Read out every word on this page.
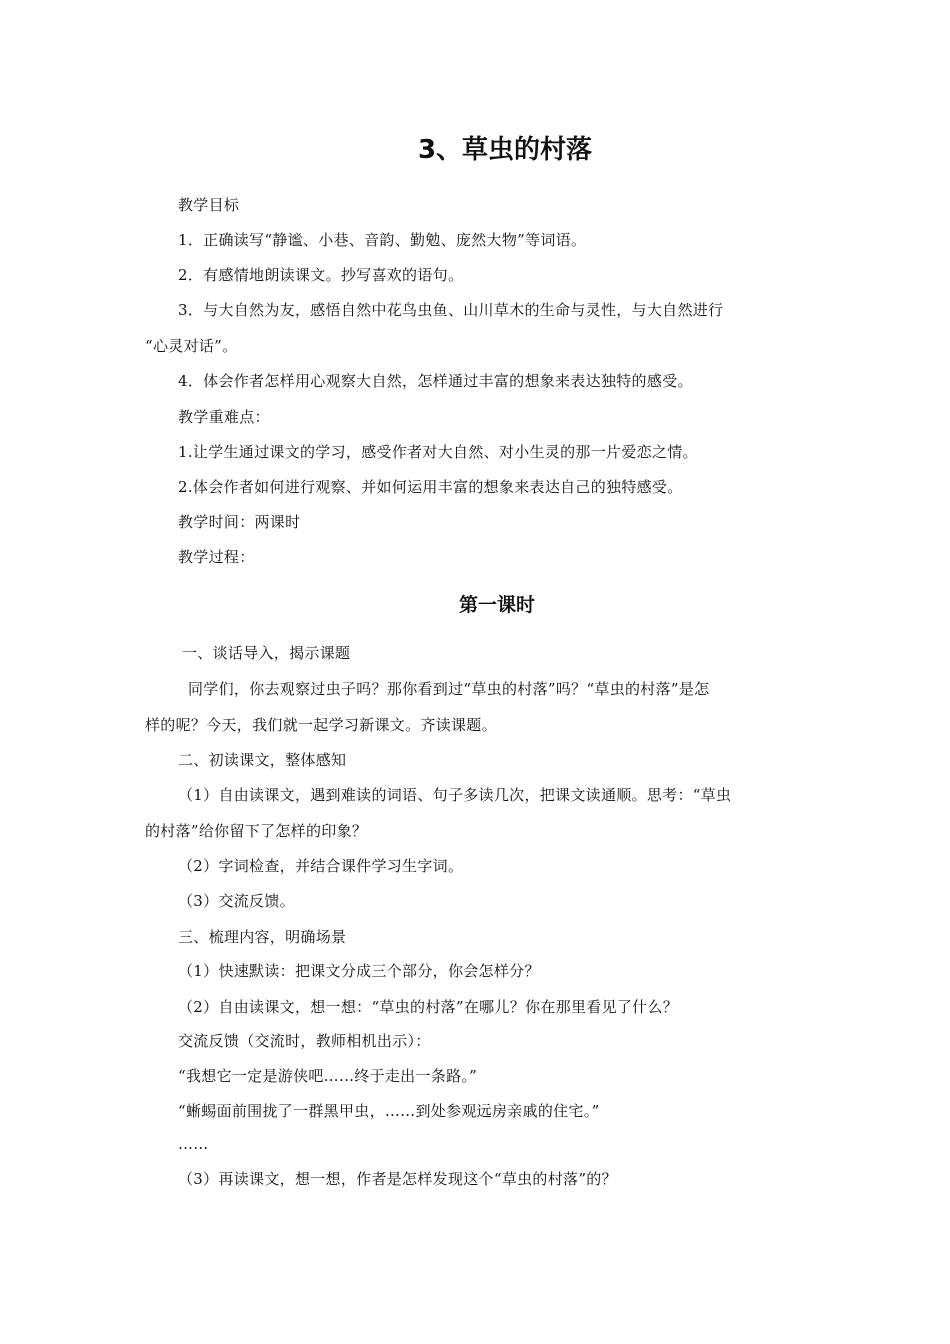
3、草虫的村落

教学目标

1．正确读写“静谧、小巷、音韵、勤勉、庞然大物”等词语。

2．有感情地朗读课文。抄写喜欢的语句。

3．与大自然为友，感悟自然中花鸟虫鱼、山川草木的生命与灵性，与大自然进行

“心灵对话”。

4．体会作者怎样用心观察大自然，怎样通过丰富的想象来表达独特的感受。

教学重难点：

1.让学生通过课文的学习，感受作者对大自然、对小生灵的那一片爱恋之情。

2.体会作者如何进行观察、并如何运用丰富的想象来表达自己的独特感受。

教学时间：两课时

教学过程：

第一课时

一、谈话导入，揭示课题

同学们，你去观察过虫子吗？那你看到过“草虫的村落”吗？“草虫的村落”是怎

样的呢？今天，我们就一起学习新课文。齐读课题。

二、初读课文，整体感知

（1）自由读课文，遇到难读的词语、句子多读几次，把课文读通顺。思考：“草虫

的村落”给你留下了怎样的印象？

（2）字词检查，并结合课件学习生字词。

（3）交流反馈。

三、梳理内容，明确场景

（1）快速默读：把课文分成三个部分，你会怎样分？

（2）自由读课文，想一想：“草虫的村落”在哪儿？你在那里看见了什么？

交流反馈（交流时，教师相机出示）：

“我想它一定是游侠吧……终于走出一条路。”

“蜥蜴面前围拢了一群黑甲虫，……到处参观远房亲戚的住宅。”

……

（3）再读课文，想一想，作者是怎样发现这个“草虫的村落”的？
